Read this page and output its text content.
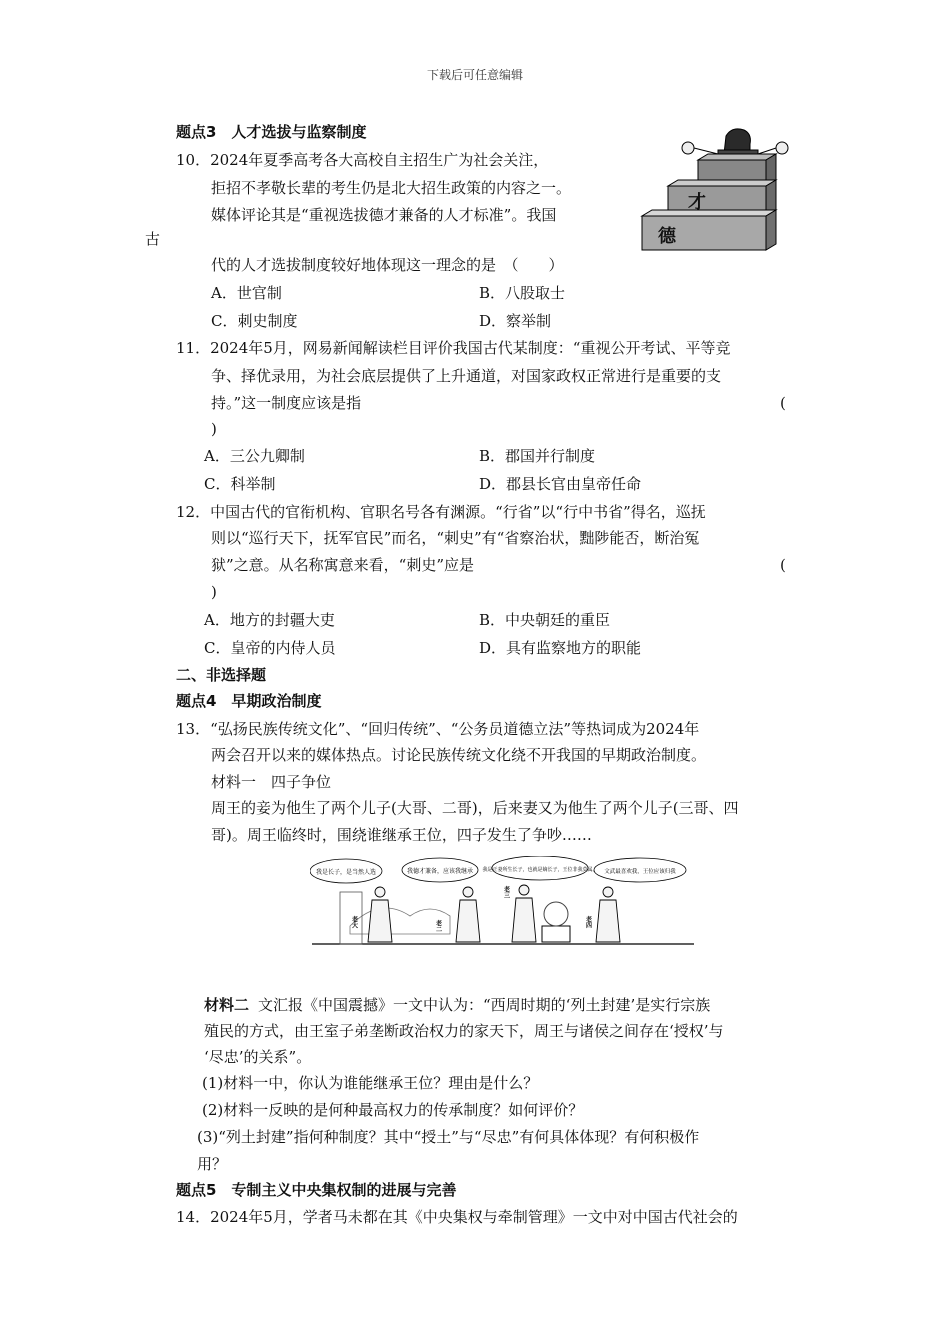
下载后可任意编辑
题点3　人才选拔与监察制度
10．2024年夏季高考各大高校自主招生广为社会关注，
拒招不孝敬长辈的考生仍是北大招生政策的内容之一。
媒体评论其是“重视选拔德才兼备的人才标准”。我国
古
代的人才选拔制度较好地体现这一理念的是　（　　）
A．世官制	B．八股取士
C．刺史制度	D．察举制
才
德
11．2024年5月，网易新闻解读栏目评价我国古代某制度：“重视公开考试、平等竞
争、择优录用，为社会底层提供了上升通道，对国家政权正常进行是重要的支
持。”这一制度应该是指	(
)
A．三公九卿制	B．郡国并行制度
C．科举制	D．郡县长官由皇帝任命
12．中国古代的官衔机构、官职名号各有渊源。“行省”以“行中书省”得名，巡抚
则以“巡行天下，抚军官民”而名，“刺史”有“省察治状，黜陟能否，断治冤
狱”之意。从名称寓意来看，“刺史”应是	(
)
A．地方的封疆大吏	B．中央朝廷的重臣
C．皇帝的内侍人员	D．具有监察地方的职能
二、非选择题
题点4　早期政治制度
13．“弘扬民族传统文化”、“回归传统”、“公务员道德立法”等热词成为2024年
两会召开以来的媒体热点。讨论民族传统文化绕不开我国的早期政治制度。
材料一　四子争位
周王的妾为他生了两个儿子(大哥、二哥)，后来妻又为他生了两个儿子(三哥、四
哥)。周王临终时，围绕谁继承王位，四子发生了争吵……
我是长子，是当然人选	我德才兼备，应该我继承 我是正妻所生长子，也就是嫡长子，王位非我莫属。 文武最喜欢我，王位应该归我
老大	老二
老三
老四
材料二 文汇报《中国震撼》一文中认为：“西周时期的‘列土封建’是实行宗族
殖民的方式，由王室子弟垄断政治权力的家天下，周王与诸侯之间存在‘授权’与
‘尽忠’的关系”。
(1)材料一中，你认为谁能继承王位？理由是什么？
(2)材料一反映的是何种最高权力的传承制度？如何评价？
(3)“列土封建”指何种制度？其中“授土”与“尽忠”有何具体体现？有何积极作
用？
题点5　专制主义中央集权制的进展与完善
14．2024年5月，学者马未都在其《中央集权与牵制管理》一文中对中国古代社会的
